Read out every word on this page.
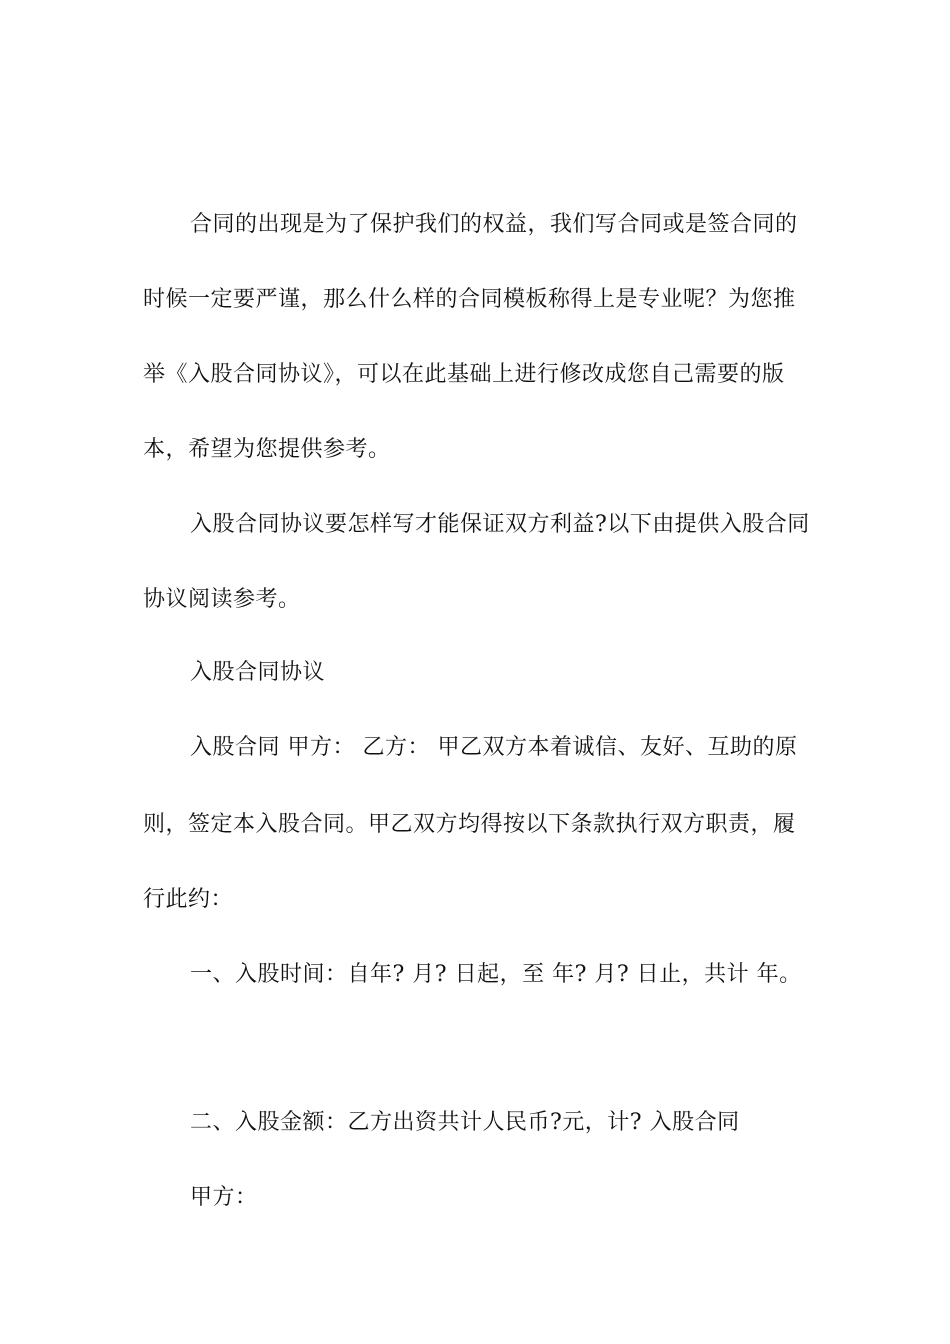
合同的出现是为了保护我们的权益，我们写合同或是签合同的
时候一定要严谨，那么什么样的合同模板称得上是专业呢？为您推
举《入股合同协议》，可以在此基础上进行修改成您自己需要的版
本，希望为您提供参考。
入股合同协议要怎样写才能保证双方利益?以下由提供入股合同
协议阅读参考。
入股合同协议
入股合同 甲方： 乙方： 甲乙双方本着诚信、友好、互助的原
则，签定本入股合同。甲乙双方均得按以下条款执行双方职责，履
行此约：
一、入股时间：自年? 月? 日起，至 年? 月? 日止，共计 年。
二、入股金额：乙方出资共计人民币?元，计? 入股合同
甲方：
